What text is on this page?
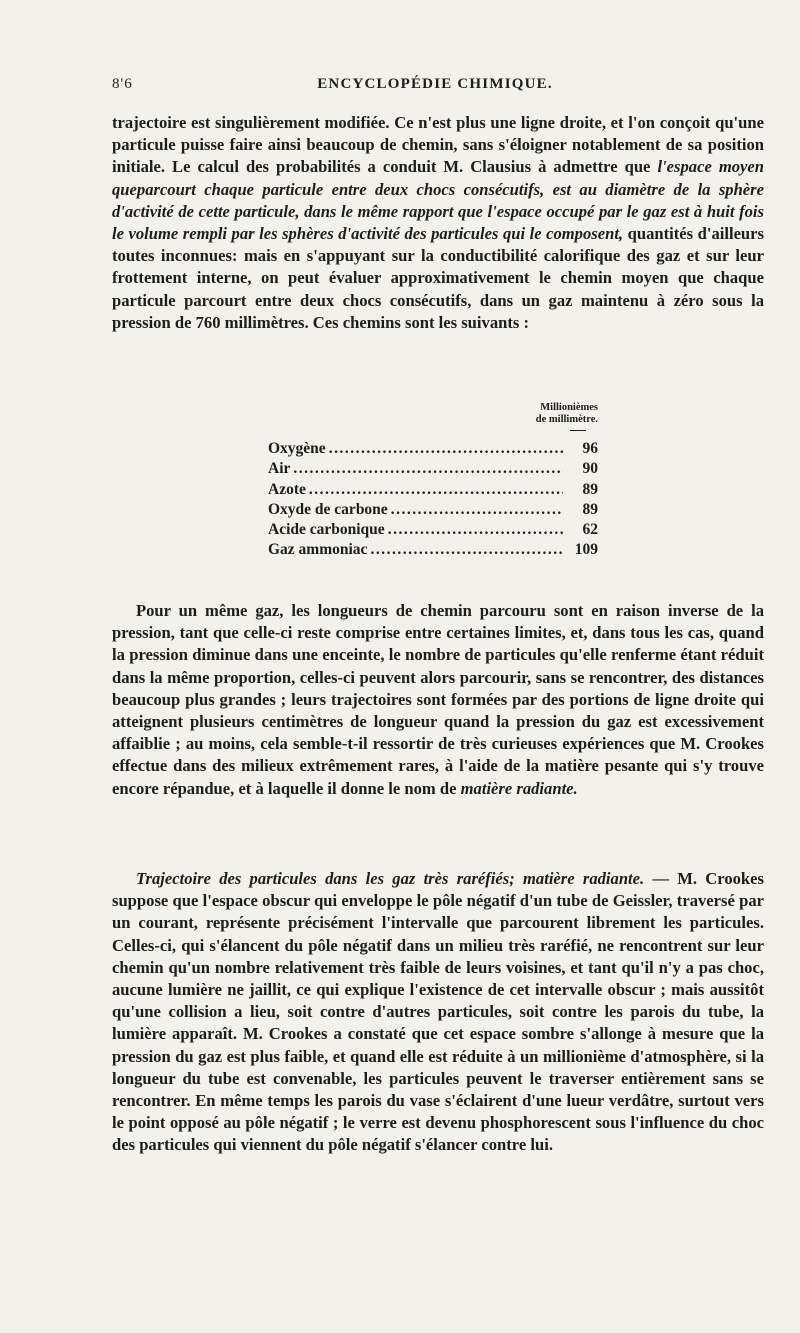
8'6	ENCYCLOPÉDIE CHIMIQUE.
trajectoire est singulièrement modifiée. Ce n'est plus une ligne droite, et l'on conçoit qu'une particule puisse faire ainsi beaucoup de chemin, sans s'éloigner notablement de sa position initiale. Le calcul des probabilités a conduit M. Clausius à admettre que l'espace moyen queparcourt chaque particule entre deux chocs consécutifs, est au diamètre de la sphère d'activité de cette particule, dans le même rapport que l'espace occupé par le gaz est à huit fois le volume rempli par les sphères d'activité des particules qui le composent, quantités d'ailleurs toutes inconnues: mais en s'appuyant sur la conductibilité calorifique des gaz et sur leur frottement interne, on peut évaluer approximativement le chemin moyen que chaque particule parcourt entre deux chocs consécutifs, dans un gaz maintenu à zéro sous la pression de 760 millimètres. Ces chemins sont les suivants :
Millionièmes
de millimètre.
Oxygène .....	96
Air .....	90
Azote .....	89
Oxyde de carbone .....	89
Acide carbonique .....	62
Gaz ammoniac .....	109
Pour un même gaz, les longueurs de chemin parcouru sont en raison inverse de la pression, tant que celle-ci reste comprise entre certaines limites, et, dans tous les cas, quand la pression diminue dans une enceinte, le nombre de particules qu'elle renferme étant réduit dans la même proportion, celles-ci peuvent alors parcourir, sans se rencontrer, des distances beaucoup plus grandes ; leurs trajectoires sont formées par des portions de ligne droite qui atteignent plusieurs centimètres de longueur quand la pression du gaz est excessivement affaiblie ; au moins, cela semble-t-il ressortir de très curieuses expériences que M. Crookes effectue dans des milieux extrêmement rares, à l'aide de la matière pesante qui s'y trouve encore répandue, et à laquelle il donne le nom de matière radiante.
Trajectoire des particules dans les gaz très raréfiés; matière radiante. — M. Crookes suppose que l'espace obscur qui enveloppe le pôle négatif d'un tube de Geissler, traversé par un courant, représente précisément l'intervalle que parcourent librement les particules. Celles-ci, qui s'élancent du pôle négatif dans un milieu très raréfié, ne rencontrent sur leur chemin qu'un nombre relativement très faible de leurs voisines, et tant qu'il n'y a pas choc, aucune lumière ne jaillit, ce qui explique l'existence de cet intervalle obscur ; mais aussitôt qu'une collision a lieu, soit contre d'autres particules, soit contre les parois du tube, la lumière apparaît. M. Crookes a constaté que cet espace sombre s'allonge à mesure que la pression du gaz est plus faible, et quand elle est réduite à un millionième d'atmosphère, si la longueur du tube est convenable, les particules peuvent le traverser entièrement sans se rencontrer. En même temps les parois du vase s'éclairent d'une lueur verdâtre, surtout vers le point opposé au pôle négatif ; le verre est devenu phosphorescent sous l'influence du choc des particules qui viennent du pôle négatif s'élancer contre lui.
